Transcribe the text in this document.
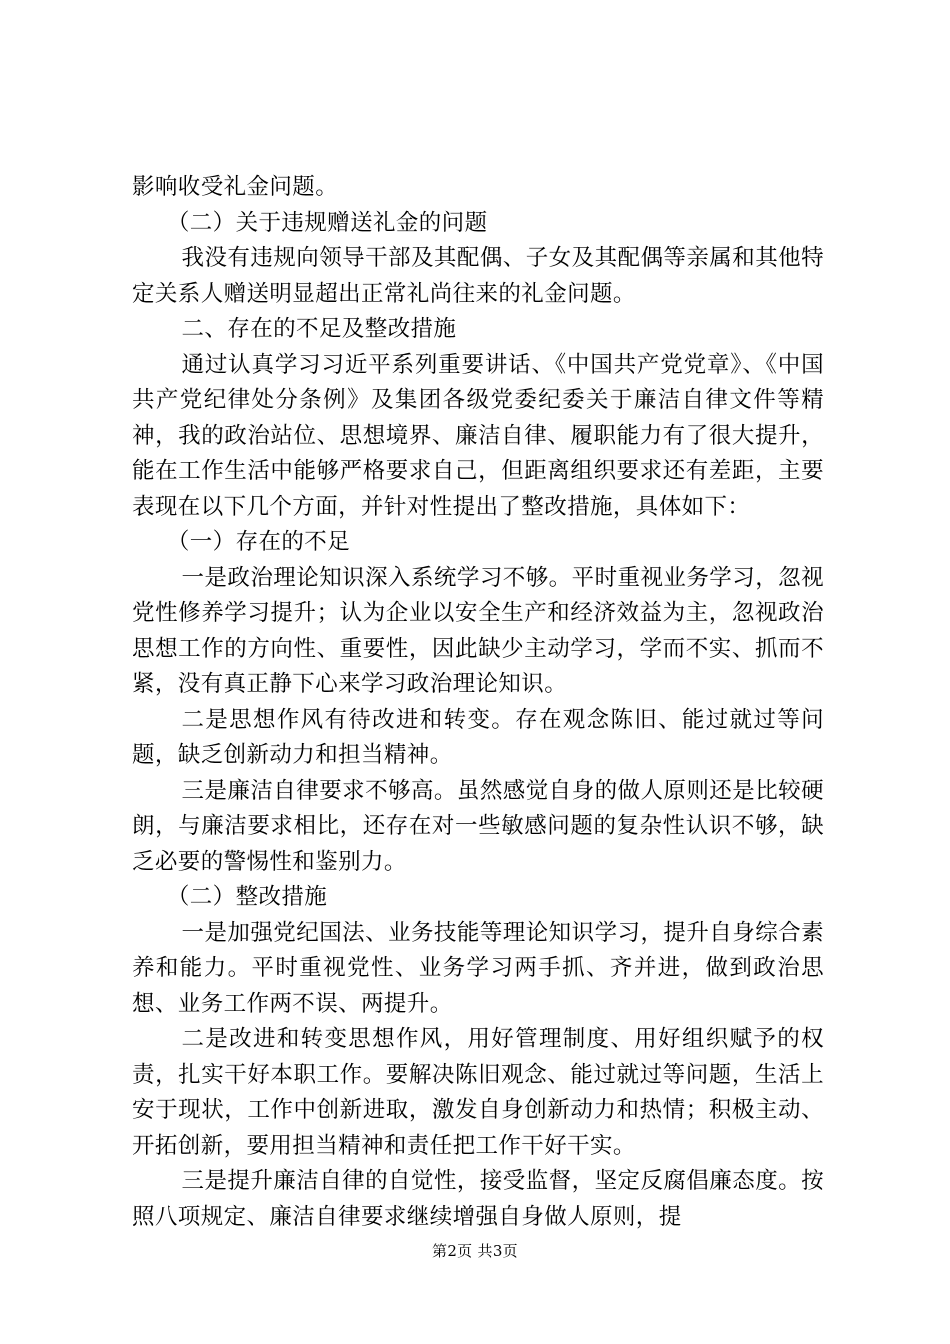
影响收受礼金问题。

（二）关于违规赠送礼金的问题

我没有违规向领导干部及其配偶、子女及其配偶等亲属和其他特定关系人赠送明显超出正常礼尚往来的礼金问题。

二、存在的不足及整改措施

通过认真学习习近平系列重要讲话、《中国共产党党章》、《中国共产党纪律处分条例》及集团各级党委纪委关于廉洁自律文件等精神，我的政治站位、思想境界、廉洁自律、履职能力有了很大提升，能在工作生活中能够严格要求自己，但距离组织要求还有差距，主要表现在以下几个方面，并针对性提出了整改措施，具体如下：

（一）存在的不足

一是政治理论知识深入系统学习不够。平时重视业务学习，忽视党性修养学习提升；认为企业以安全生产和经济效益为主，忽视政治思想工作的方向性、重要性，因此缺少主动学习，学而不实、抓而不紧，没有真正静下心来学习政治理论知识。

二是思想作风有待改进和转变。存在观念陈旧、能过就过等问题，缺乏创新动力和担当精神。

三是廉洁自律要求不够高。虽然感觉自身的做人原则还是比较硬朗，与廉洁要求相比，还存在对一些敏感问题的复杂性认识不够，缺乏必要的警惕性和鉴别力。

（二）整改措施

一是加强党纪国法、业务技能等理论知识学习，提升自身综合素养和能力。平时重视党性、业务学习两手抓、齐并进，做到政治思想、业务工作两不误、两提升。

二是改进和转变思想作风，用好管理制度、用好组织赋予的权责，扎实干好本职工作。要解决陈旧观念、能过就过等问题，生活上安于现状，工作中创新进取，激发自身创新动力和热情；积极主动、开拓创新，要用担当精神和责任把工作干好干实。

三是提升廉洁自律的自觉性，接受监督，坚定反腐倡廉态度。按照八项规定、廉洁自律要求继续增强自身做人原则，提

第2页 共3页
